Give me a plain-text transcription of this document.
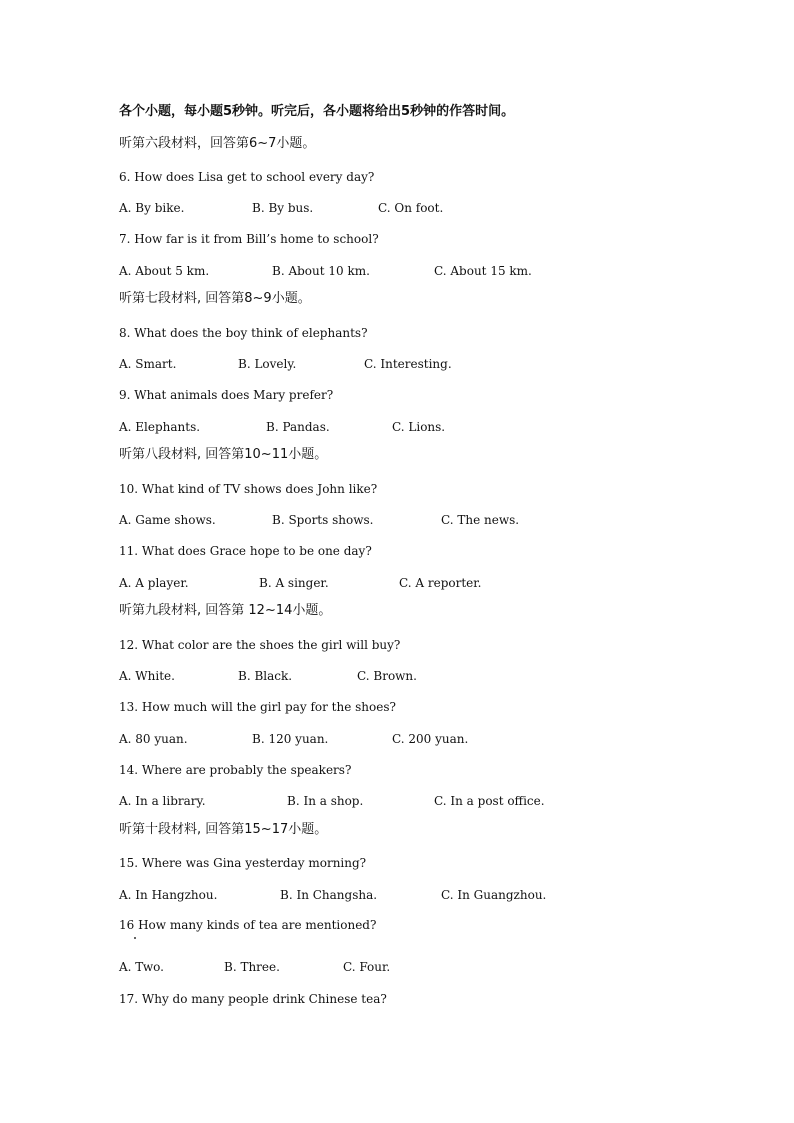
各个小题，每小题5秒钟。听完后，各小题将给出5秒钟的作答时间。
听第六段材料，回答第6~7小题。
6. How does Lisa get to school every day?
A. By bike.	B. By bus.	C. On foot.
7. How far is it from Bill’s home to school?
A. About 5 km.	B. About 10 km.	C. About 15 km.
听第七段材料, 回答第8~9小题。
8. What does the boy think of elephants?
A. Smart.	B. Lovely.	C. Interesting.
9. What animals does Mary prefer?
A. Elephants.	B. Pandas.	C. Lions.
听第八段材料, 回答第10~11小题。
10. What kind of TV shows does John like?
A. Game shows.	B. Sports shows.	C. The news.
11. What does Grace hope to be one day?
A. A player.	B. A singer.	C. A reporter.
听第九段材料, 回答第 12~14小题。
12. What color are the shoes the girl will buy?
A. White.	B. Black.	C. Brown.
13. How much will the girl pay for the shoes?
A. 80 yuan.	B. 120 yuan.	C. 200 yuan.
14. Where are probably the speakers?
A. In a library.	B. In a shop.	C. In a post office.
听第十段材料, 回答第15~17小题。
15. Where was Gina yesterday morning?
A. In Hangzhou.	B. In Changsha.	C. In Guangzhou.
16 How many kinds of tea are mentioned?
A. Two.	B. Three.	C. Four.
17. Why do many people drink Chinese tea?
